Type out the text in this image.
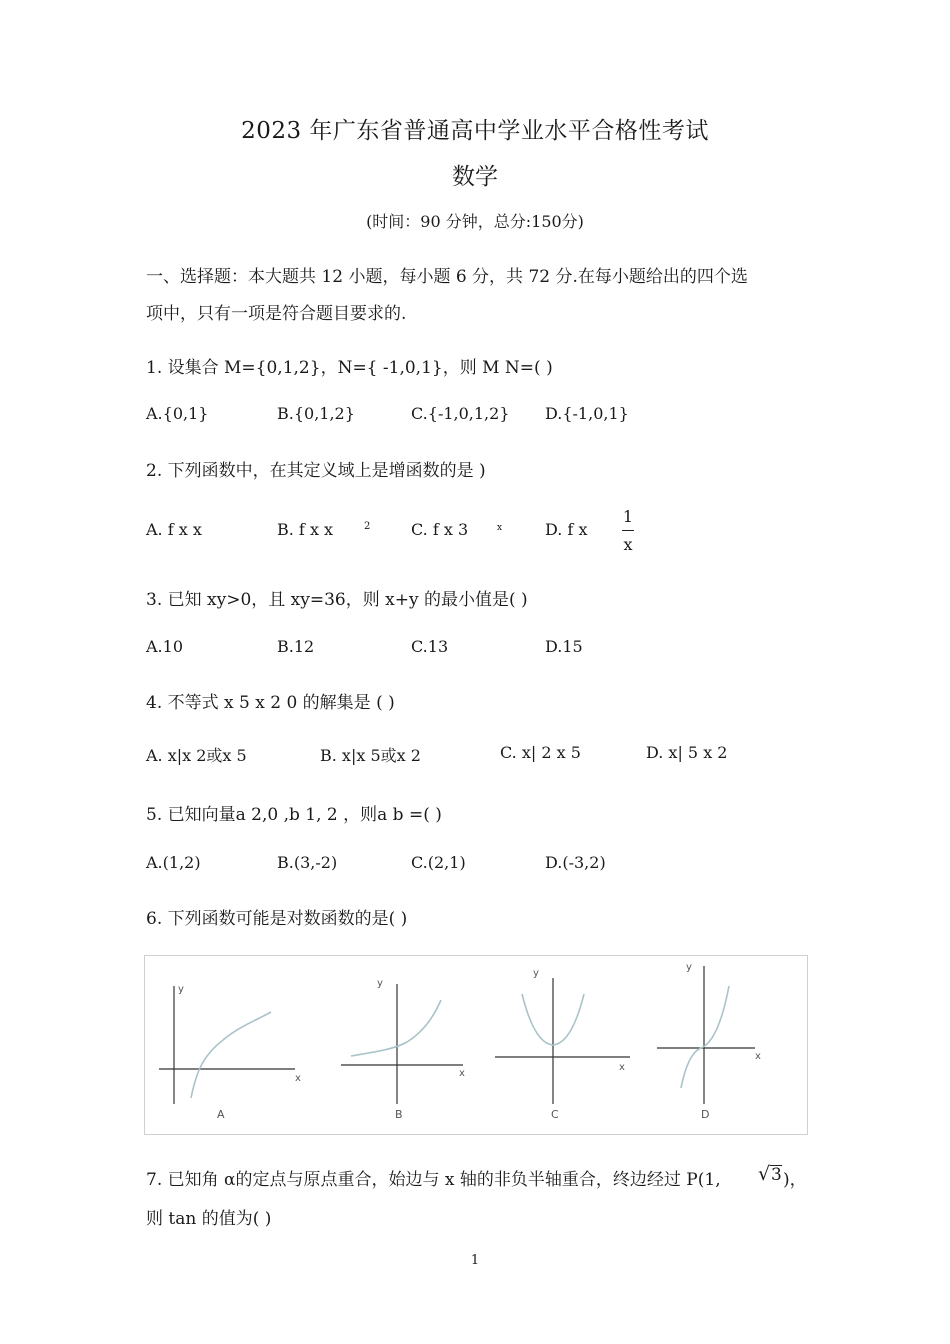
2023 年广东省普通高中学业水平合格性考试
数学
(时间：90 分钟，总分:150分)
一、选择题：本大题共 12 小题，每小题 6 分，共 72 分.在每小题给出的四个选
项中，只有一项是符合题目要求的.
1. 设集合 M={0,1,2}，N={ -1,0,1}，则 M N=( )
A.{0,1}	B.{0,1,2}	C.{-1,0,1,2} D.{-1,0,1}
2. 下列函数中，在其定义域上是增函数的是 )
A. f x x	B. f x x	2	C. f x 3	x	D. f x
1
x
3. 已知 xy>0，且 xy=36，则 x+y 的最小值是( )
A.10	B.12	C.13	D.15
4. 不等式 x 5 x 2 0 的解集是 ( )
A. x|x 2或x 5	B. x|x 5或x 2	C. x| 2 x 5	D. x| 5 x 2
5. 已知向量a 2,0 ,b 1, 2 ，则a b =( )
A.(1,2)	B.(3,-2)	C.(2,1)	D.(-3,2)
6. 下列函数可能是对数函数的是( )
y
x
y
x
y
x
y
x
A	B	C	D
7. 已知角 α的定点与原点重合，始边与 x 轴的非负半轴重合，终边经过 P(1, √ 3 )，
则 tan 的值为( )
1
